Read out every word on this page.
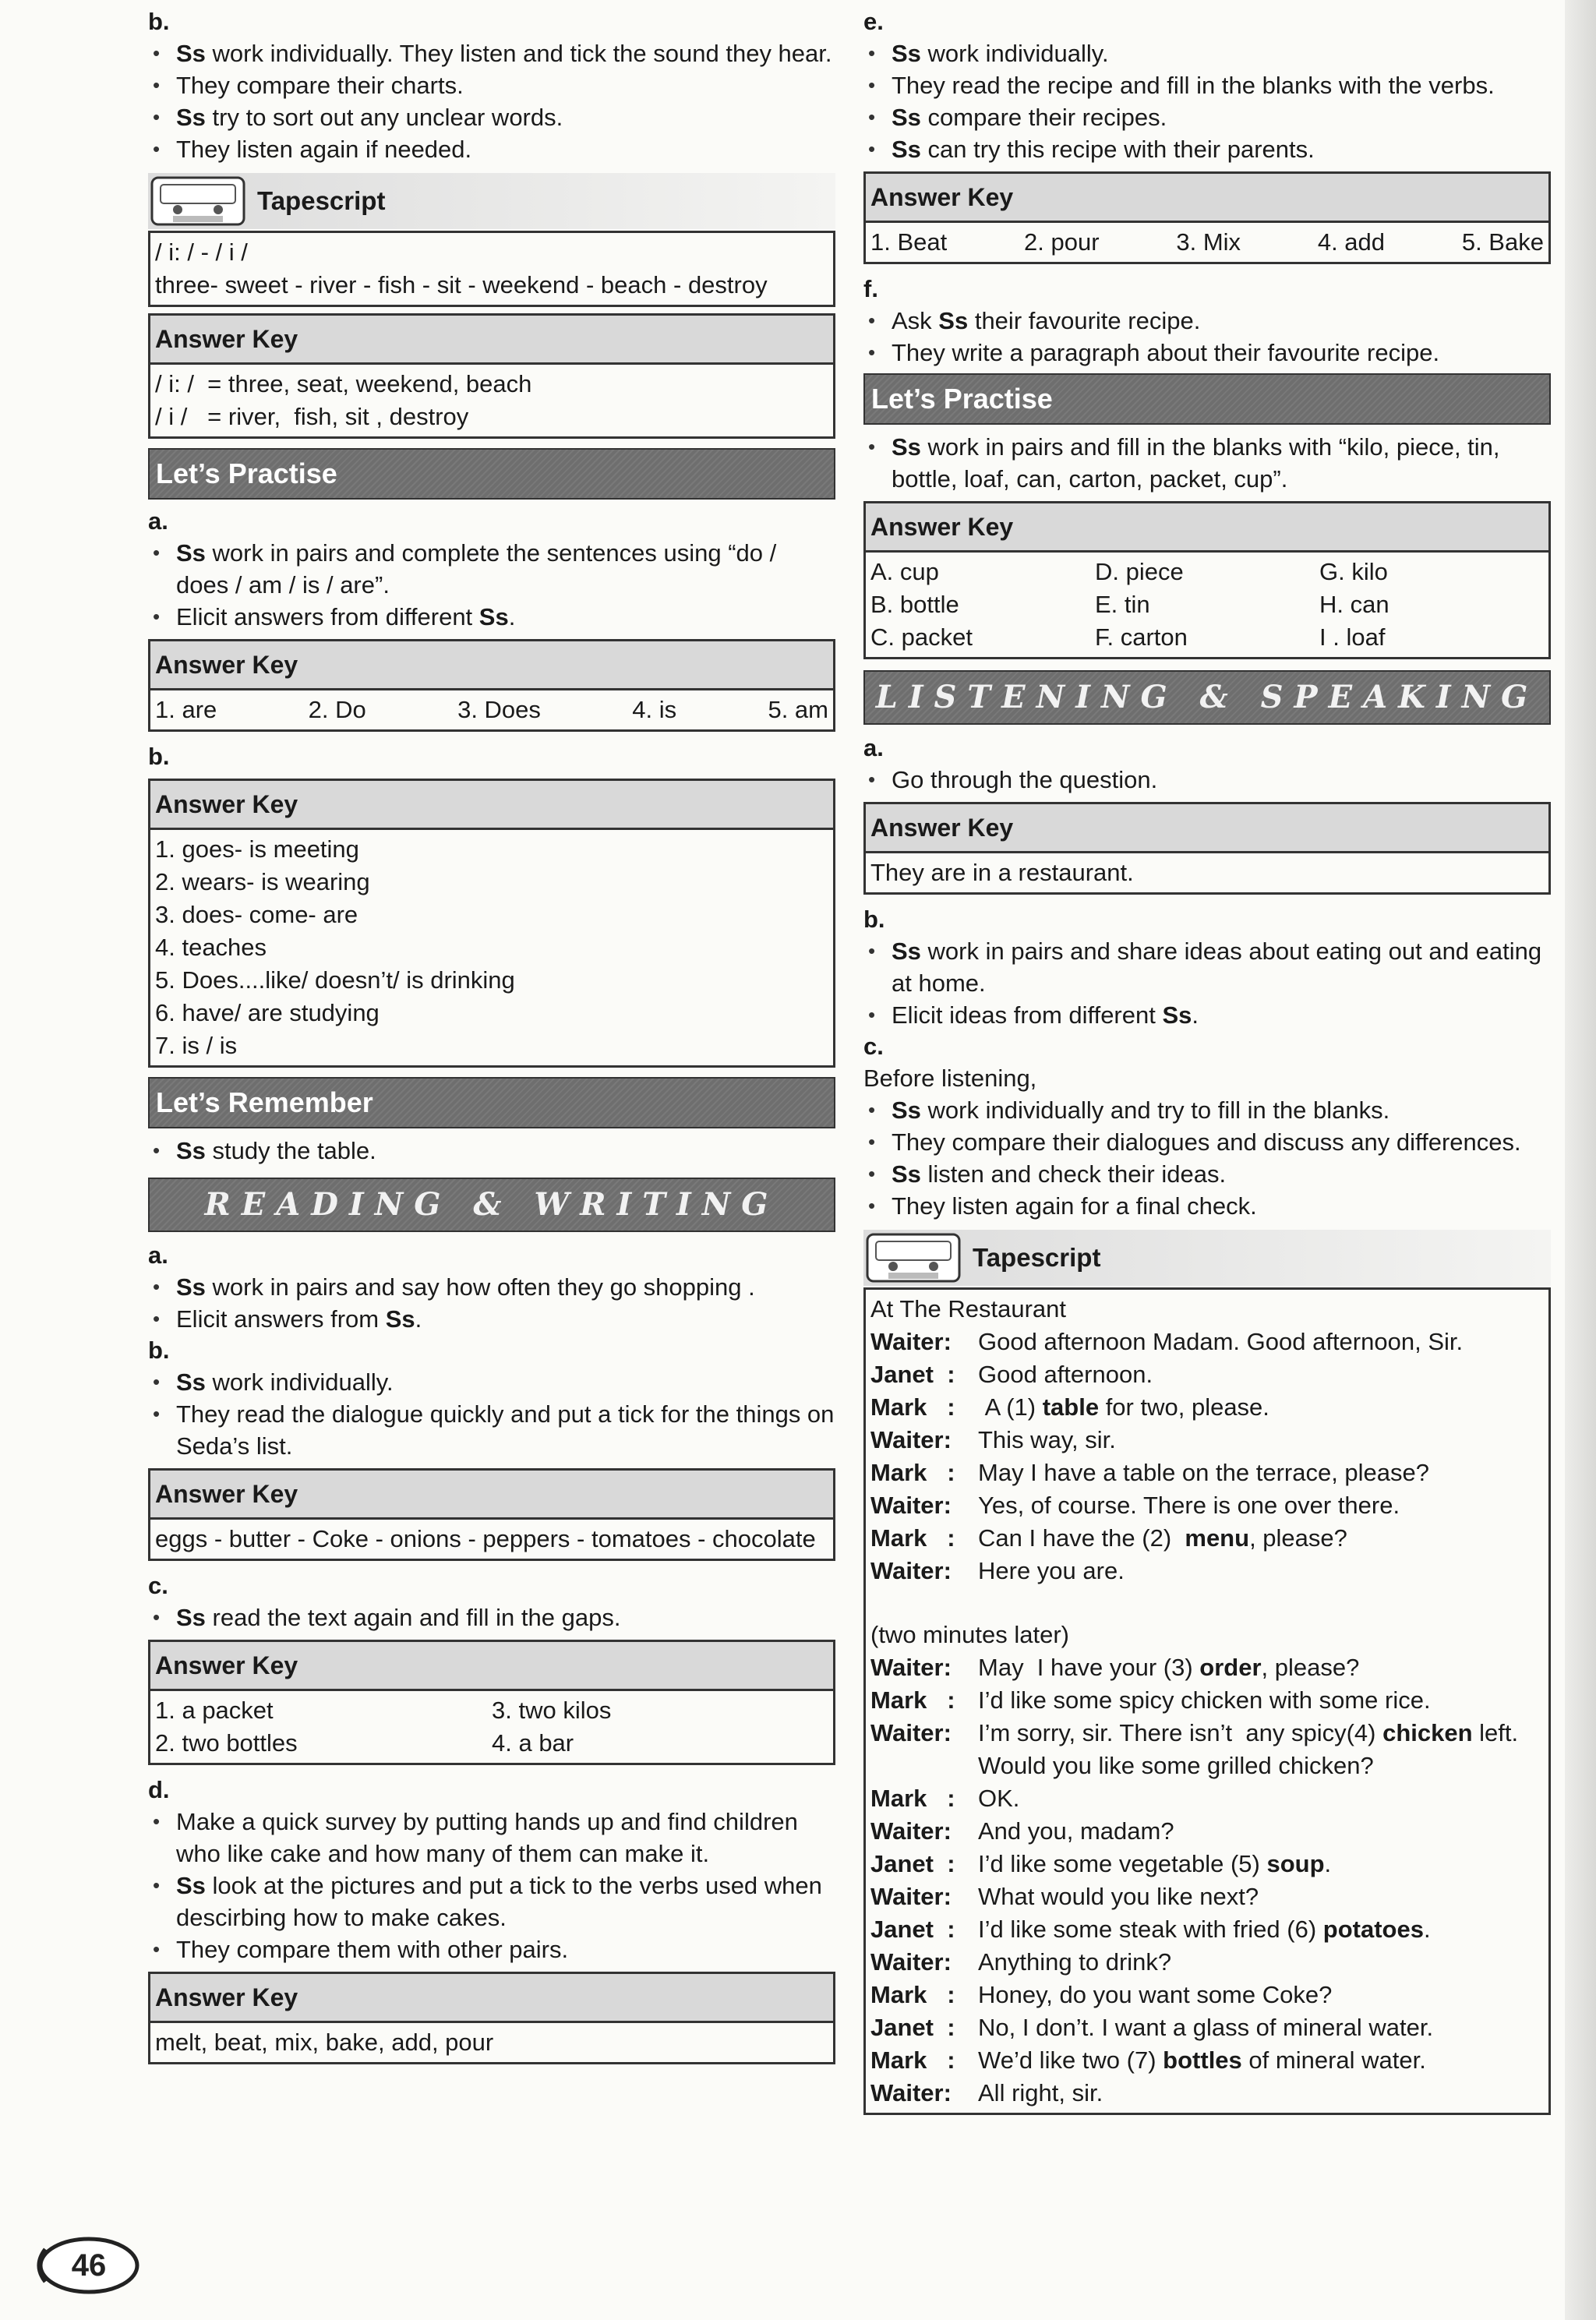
b.
• Ss work individually. They listen and tick the sound they hear.
• They compare their charts.
• Ss try to sort out any unclear words.
• They listen again if needed.
Tapescript
/ i: / - / i /
three- sweet - river - fish - sit - weekend - beach - destroy
Answer Key
/ i: /  = three, seat, weekend, beach
/ i /   = river,  fish, sit , destroy
Let’s Practise
a.
• Ss work in pairs and complete the sentences using “do / does / am / is / are”.
• Elicit answers from different Ss.
Answer Key
1. are	2. Do	3. Does	4. is	5. am
b.
Answer Key
1. goes- is meeting
2. wears- is wearing
3. does- come- are
4. teaches
5. Does....like/ doesn’t/ is drinking
6. have/ are studying
7. is / is
Let’s Remember
• Ss study the table.
READING & WRITING
a.
• Ss work in pairs and say how often they go shopping .
• Elicit answers from Ss.
b.
• Ss work individually.
• They read the dialogue quickly and put a tick for the things on Seda’s list.
Answer Key
eggs - butter - Coke - onions - peppers - tomatoes - chocolate
c.
• Ss read the text again and fill in the gaps.
Answer Key
1. a packet	3. two kilos
2. two bottles	4. a bar
d.
• Make a quick survey by putting hands up and find children who like cake and how many of them can make it.
• Ss look at the pictures and put a tick to the verbs used when descirbing how to make cakes.
• They compare them with other pairs.
Answer Key
melt, beat, mix, bake, add, pour
e.
• Ss work individually.
• They read the recipe and fill in the blanks with the verbs.
• Ss compare their recipes.
• Ss can try this recipe with their parents.
Answer Key
1. Beat	2. pour	3. Mix	4. add	5. Bake
f.
• Ask Ss their favourite recipe.
• They write a paragraph about their favourite recipe.
Let’s Practise
• Ss work in pairs and fill in the blanks with “kilo, piece, tin, bottle, loaf, can, carton, packet, cup”.
Answer Key
A. cup	D. piece	G. kilo
B. bottle	E. tin	H. can
C. packet	F. carton	I . loaf
LISTENING & SPEAKING
a.
• Go through the question.
Answer Key
They are in a restaurant.
b.
• Ss work in pairs and share ideas about eating out and eating at home.
• Elicit ideas from different Ss.
c.
Before listening,
• Ss work individually and try to fill in the blanks.
• They compare their dialogues and discuss any differences.
• Ss listen and check their ideas.
• They listen again for a final check.
Tapescript
At The Restaurant
Waiter:	Good afternoon Madam. Good afternoon, Sir.
Janet  : Good afternoon.
Mark   : A (1) table for two, please.
Waiter:	This way, sir.
Mark   : May I have a table on the terrace, please?
Waiter:	Yes, of course. There is one over there.
Mark   : Can I have the (2)  menu, please?
Waiter:	Here you are.
(two minutes later)
Waiter:	May  I have your (3) order, please?
Mark   : I’d like some spicy chicken with some rice.
Waiter:	I’m sorry, sir. There isn’t  any spicy(4) chicken left. Would you like some grilled chicken?
Mark   : OK.
Waiter:	And you, madam?
Janet  : I’d like some vegetable (5) soup.
Waiter:	What would you like next?
Janet  : I’d like some steak with fried (6) potatoes.
Waiter:	Anything to drink?
Mark   : Honey, do you want some Coke?
Janet  : No, I don’t. I want a glass of mineral water.
Mark   : We’d like two (7) bottles of mineral water.
Waiter:	All right, sir.
46
